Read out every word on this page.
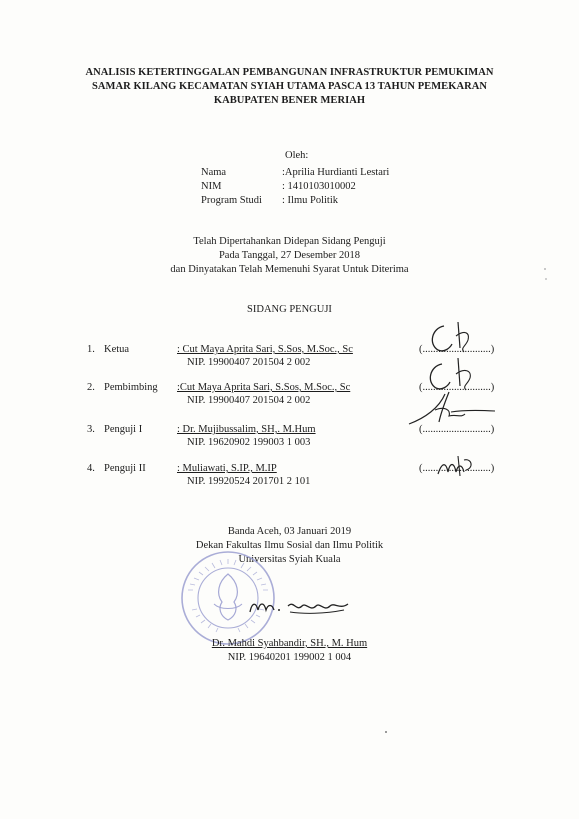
ANALISIS KETERTINGGALAN PEMBANGUNAN INFRASTRUKTUR PEMUKIMAN
SAMAR KILANG KECAMATAN SYIAH UTAMA PASCA 13 TAHUN PEMEKARAN
KABUPATEN BENER MERIAH
Oleh:
Nama	:Aprilia Hurdianti Lestari
NIM	: 1410103010002
Program Studi : Ilmu Politik
Telah Dipertahankan Didepan Sidang Penguji
Pada Tanggal, 27 Desember 2018
dan Dinyatakan Telah Memenuhi Syarat Untuk Diterima
SIDANG PENGUJI
1. Ketua	: Cut Maya Aprita Sari, S.Sos, M.Soc., Sc
NIP. 19900407 201504 2 002
(..........................)
2. Pembimbing :Cut Maya Aprita Sari, S.Sos, M.Soc., Sc
NIP. 19900407 201504 2 002
(..........................)
3. Penguji I	: Dr. Mujibussalim, SH,. M.Hum
NIP. 19620902 199003 1 003
(..........................)
4. Penguji II	: Muliawati, S.IP., M.IP
NIP. 19920524 201701 2 101
(..........................)
Banda Aceh, 03 Januari 2019
Dekan Fakultas Ilmu Sosial dan Ilmu Politik
Universitas Syiah Kuala
Dr. Mahdi Syahbandir, SH., M. Hum
NIP. 19640201 199002 1 004
